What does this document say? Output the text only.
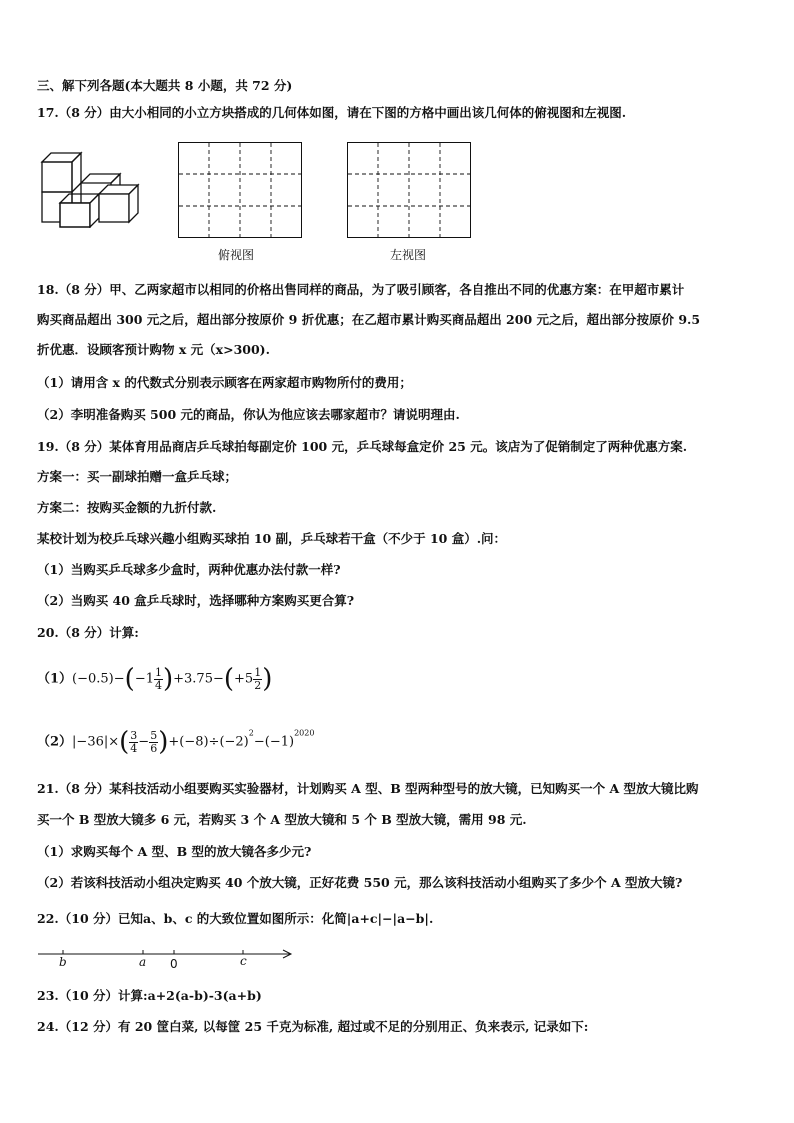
三、解下列各题(本大题共 8 小题，共 72 分)
17.（8 分）由大小相同的小立方块搭成的几何体如图，请在下图的方格中画出该几何体的俯视图和左视图.
俯视图	左视图
18.（8 分）甲、乙两家超市以相同的价格出售同样的商品，为了吸引顾客，各自推出不同的优惠方案：在甲超市累计
购买商品超出 300 元之后，超出部分按原价 9 折优惠；在乙超市累计购买商品超出 200 元之后，超出部分按原价 9.5
折优惠．设顾客预计购物 x 元（x>300).
（1）请用含 x 的代数式分别表示顾客在两家超市购物所付的费用；
（2）李明准备购买 500 元的商品，你认为他应该去哪家超市？请说明理由.
19.（8 分）某体育用品商店乒乓球拍每副定价 100 元，乒乓球每盒定价 25 元。该店为了促销制定了两种优惠方案.
方案一：买一副球拍赠一盒乒乓球；
方案二：按购买金额的九折付款.
某校计划为校乒乓球兴趣小组购买球拍 10 副，乒乓球若干盒（不少于 10 盒）.问：
（1）当购买乒乓球多少盒时，两种优惠办法付款一样?
（2）当购买 40 盒乒乓球时，选择哪种方案购买更合算?
20.（8 分）计算:
$(1)(-0.5)-(-1 \frac{1}{4} )+3.75-(+5 \frac{1}{2}$ )
$(2)|-36|\times( \frac{3}{4} - \frac{5}{6} )+(-8)\div(-2)^2-(-1)^{2020}$
21.（8 分）某科技活动小组要购买实验器材，计划购买 A 型、B 型两种型号的放大镜，已知购买一个 A 型放大镜比购
买一个 B 型放大镜多 6 元，若购买 3 个 A 型放大镜和 5 个 B 型放大镜，需用 98 元.
（1）求购买每个 A 型、B 型的放大镜各多少元?
（2）若该科技活动小组决定购买 40 个放大镜，正好花费 550 元，那么该科技活动小组购买了多少个 A 型放大镜?
22.（10 分）已知a、b、c 的大致位置如图所示：化简|a+c|−|a−b|.
b	a 0	c
23.（10 分）计算:a+2(a-b)-3(a+b)
24.（12 分）有 20 筐白菜, 以每筐 25 千克为标准, 超过或不足的分别用正、负来表示, 记录如下:
